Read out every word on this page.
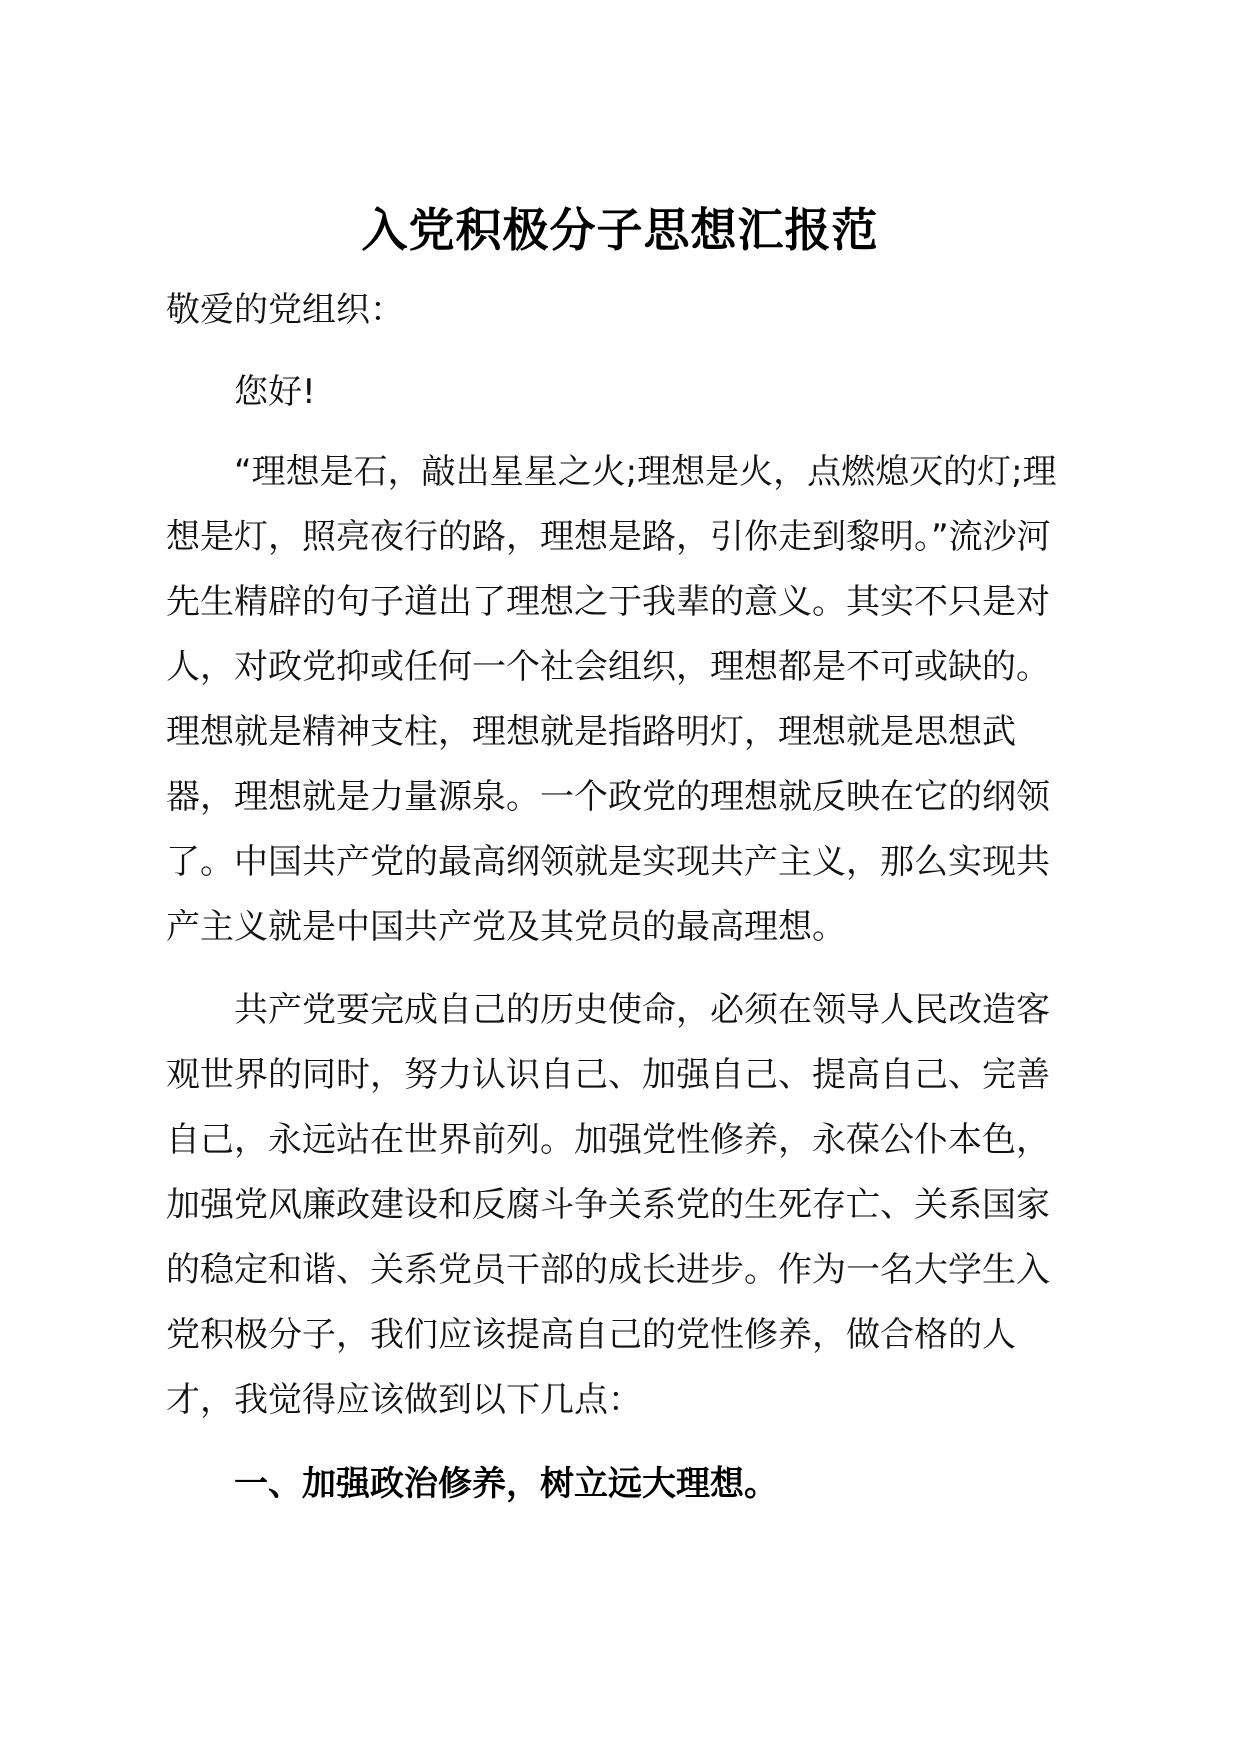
入党积极分子思想汇报范

敬爱的党组织：

您好!

“理想是石，敲出星星之火;理想是火，点燃熄灭的灯;理想是灯，照亮夜行的路，理想是路，引你走到黎明。”流沙河先生精辟的句子道出了理想之于我辈的意义。其实不只是对人，对政党抑或任何一个社会组织，理想都是不可或缺的。理想就是精神支柱，理想就是指路明灯，理想就是思想武器，理想就是力量源泉。一个政党的理想就反映在它的纲领了。中国共产党的最高纲领就是实现共产主义，那么实现共产主义就是中国共产党及其党员的最高理想。

共产党要完成自己的历史使命，必须在领导人民改造客观世界的同时，努力认识自己、加强自己、提高自己、完善自己，永远站在世界前列。加强党性修养，永葆公仆本色，加强党风廉政建设和反腐斗争关系党的生死存亡、关系国家的稳定和谐、关系党员干部的成长进步。作为一名大学生入党积极分子，我们应该提高自己的党性修养，做合格的人才，我觉得应该做到以下几点：

一、加强政治修养，树立远大理想。
